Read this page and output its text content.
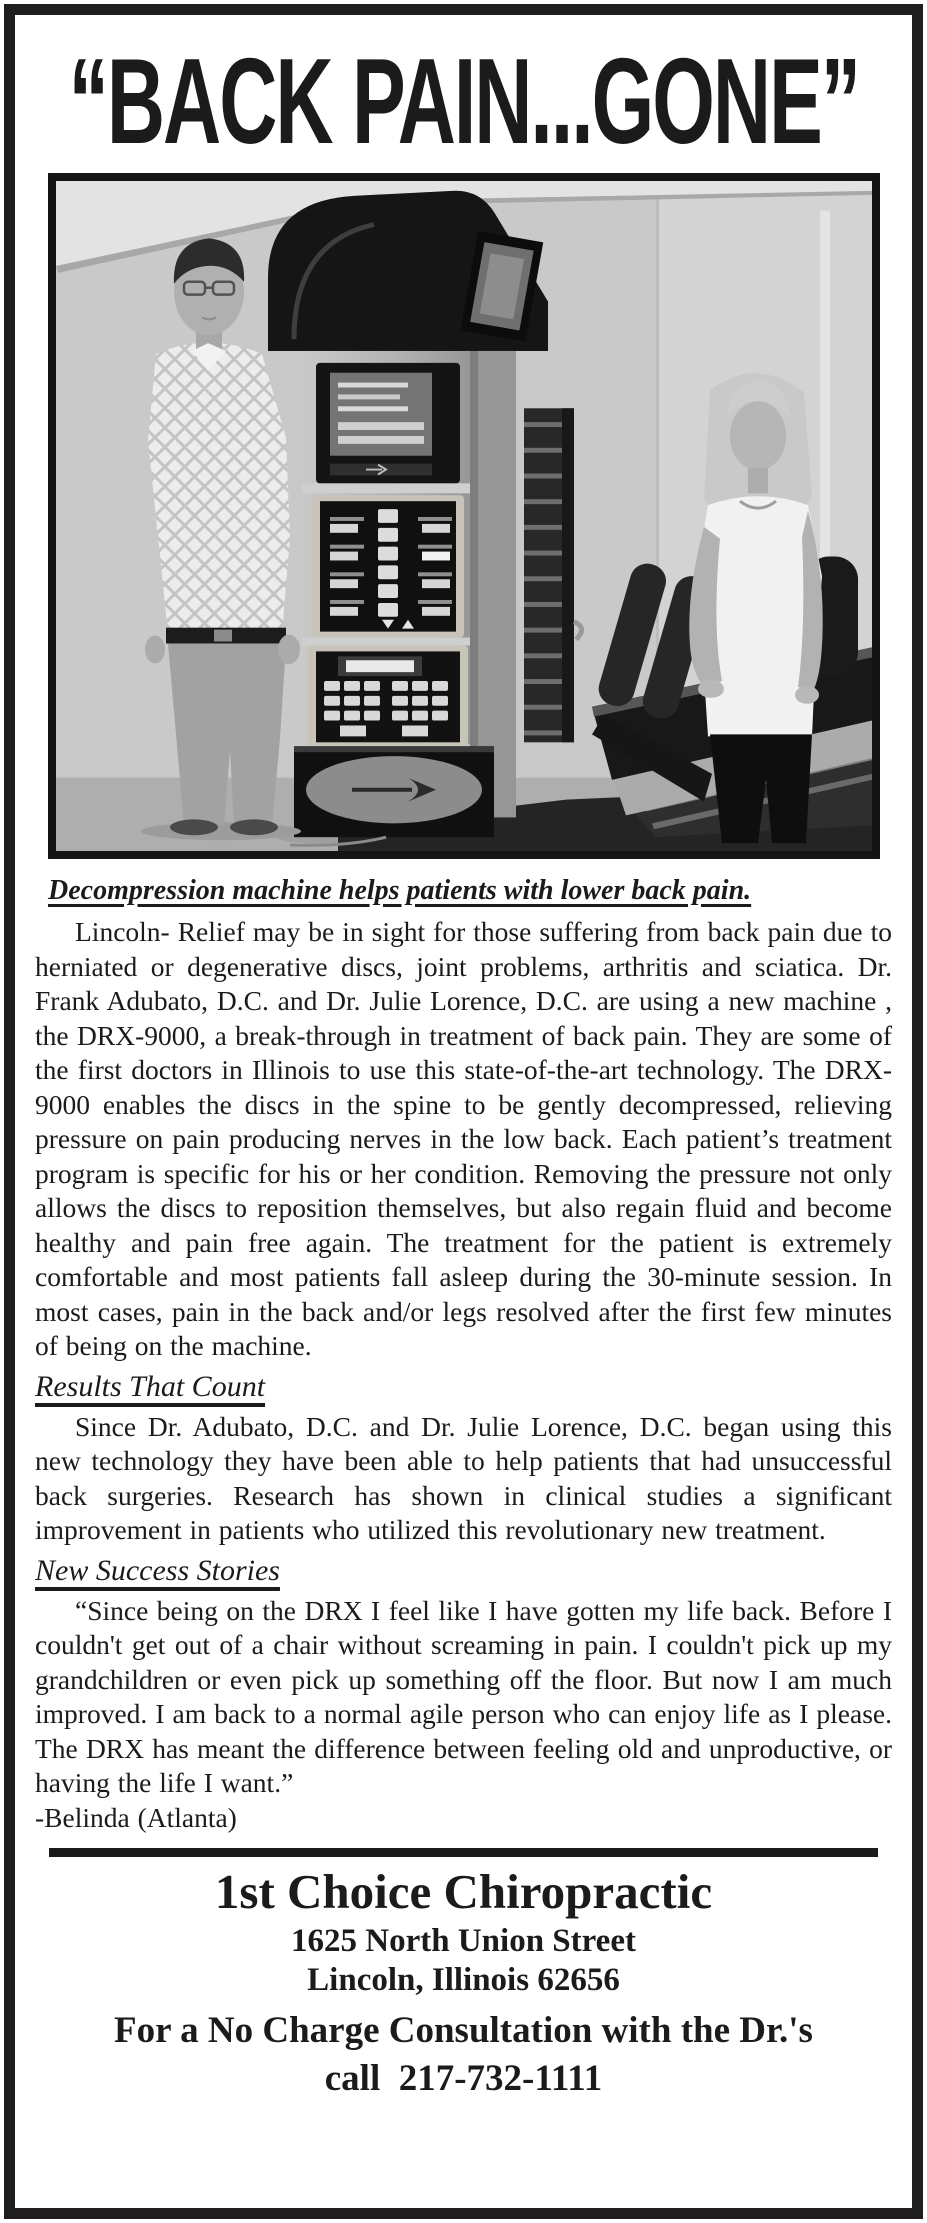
“BACK PAIN...GONE”
Decompression machine helps patients with lower back pain.

Lincoln- Relief may be in sight for those suffering from back pain due to herniated or degenerative discs, joint problems, arthritis and sciatica. Dr. Frank Adubato, D.C. and Dr. Julie Lorence, D.C. are using a new machine , the DRX-9000, a break-through in treatment of back pain. They are some of the first doctors in Illinois to use this state-of-the-art technology. The DRX-9000 enables the discs in the spine to be gently decompressed, relieving pressure on pain producing nerves in the low back. Each patient’s treatment program is specific for his or her condition. Removing the pressure not only allows the discs to reposition themselves, but also regain fluid and become healthy and pain free again. The treatment for the patient is extremely comfortable and most patients fall asleep during the 30-minute session. In most cases, pain in the back and/or legs resolved after the first few minutes of being on the machine.

Results That Count

Since Dr. Adubato, D.C. and Dr. Julie Lorence, D.C. began using this new technology they have been able to help patients that had unsuccessful back surgeries. Research has shown in clinical studies a significant improvement in patients who utilized this revolutionary new treatment.

New Success Stories

“Since being on the DRX I feel like I have gotten my life back. Before I couldn't get out of a chair without screaming in pain. I couldn't pick up my grandchildren or even pick up something off the floor. But now I am much improved. I am back to a normal agile person who can enjoy life as I please. The DRX has meant the difference between feeling old and unproductive, or having the life I want.”

-Belinda (Atlanta)

1st Choice Chiropractic
1625 North Union Street
Lincoln, Illinois 62656
For a No Charge Consultation with the Dr.'s
call  217-732-1111
